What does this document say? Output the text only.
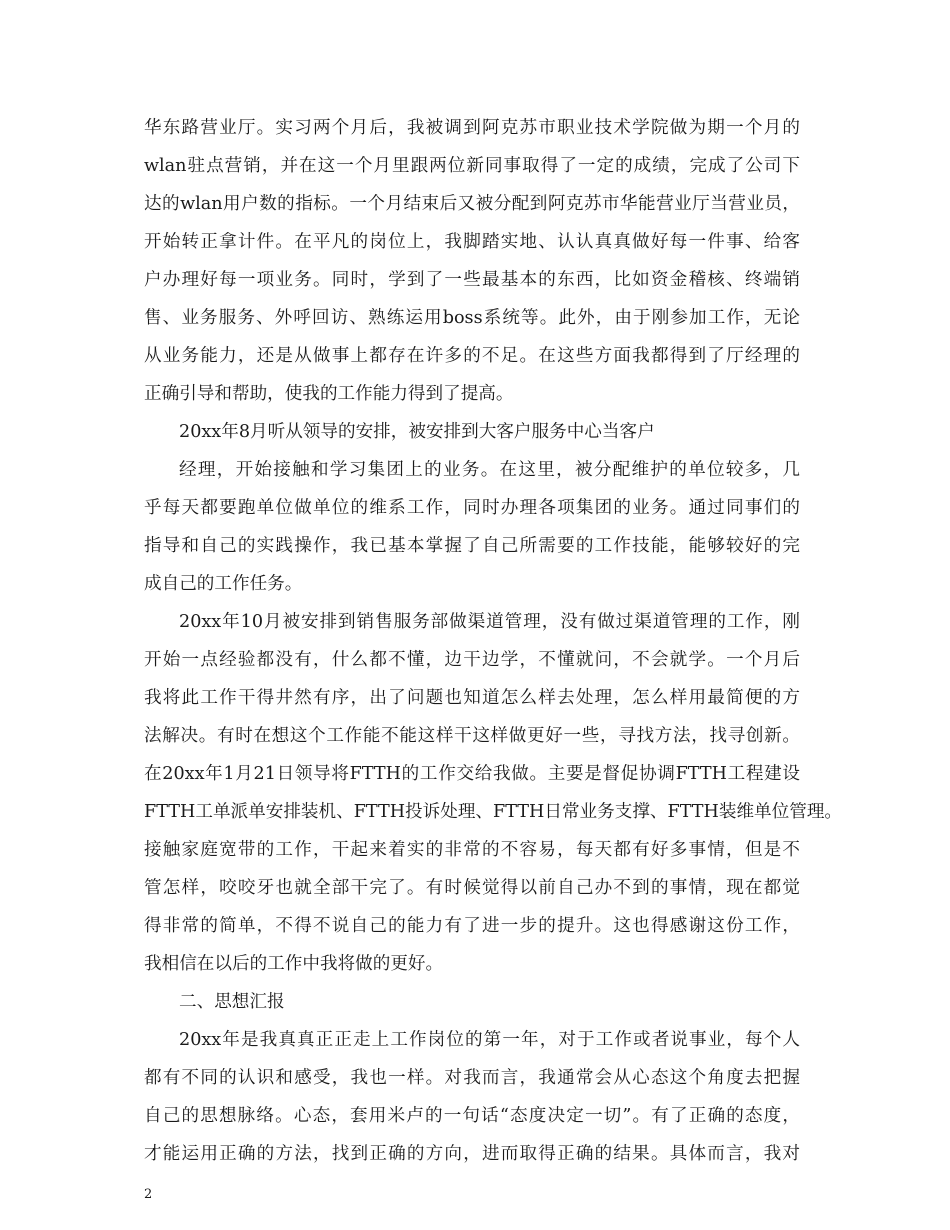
华东路营业厅。实习两个月后，我被调到阿克苏市职业技术学院做为期一个月的
wlan驻点营销，并在这一个月里跟两位新同事取得了一定的成绩，完成了公司下
达的wlan用户数的指标。一个月结束后又被分配到阿克苏市华能营业厅当营业员，
开始转正拿计件。在平凡的岗位上，我脚踏实地、认认真真做好每一件事、给客
户办理好每一项业务。同时，学到了一些最基本的东西，比如资金稽核、终端销
售、业务服务、外呼回访、熟练运用boss系统等。此外，由于刚参加工作，无论
从业务能力，还是从做事上都存在许多的不足。在这些方面我都得到了厅经理的
正确引导和帮助，使我的工作能力得到了提高。
20xx年8月听从领导的安排，被安排到大客户服务中心当客户
经理，开始接触和学习集团上的业务。在这里，被分配维护的单位较多，几
乎每天都要跑单位做单位的维系工作，同时办理各项集团的业务。通过同事们的
指导和自己的实践操作，我已基本掌握了自己所需要的工作技能，能够较好的完
成自己的工作任务。
20xx年10月被安排到销售服务部做渠道管理，没有做过渠道管理的工作，刚
开始一点经验都没有，什么都不懂，边干边学，不懂就问，不会就学。一个月后
我将此工作干得井然有序，出了问题也知道怎么样去处理，怎么样用最简便的方
法解决。有时在想这个工作能不能这样干这样做更好一些，寻找方法，找寻创新。
在20xx年1月21日领导将FTTH的工作交给我做。主要是督促协调FTTH工程建设
FTTH工单派单安排装机、FTTH投诉处理、FTTH日常业务支撑、FTTH装维单位管理。
接触家庭宽带的工作，干起来着实的非常的不容易，每天都有好多事情，但是不
管怎样，咬咬牙也就全部干完了。有时候觉得以前自己办不到的事情，现在都觉
得非常的简单，不得不说自己的能力有了进一步的提升。这也得感谢这份工作，
我相信在以后的工作中我将做的更好。
二、思想汇报
20xx年是我真真正正走上工作岗位的第一年，对于工作或者说事业，每个人
都有不同的认识和感受，我也一样。对我而言，我通常会从心态这个角度去把握
自己的思想脉络。心态，套用米卢的一句话“态度决定一切”。有了正确的态度，
才能运用正确的方法，找到正确的方向，进而取得正确的结果。具体而言，我对
2
